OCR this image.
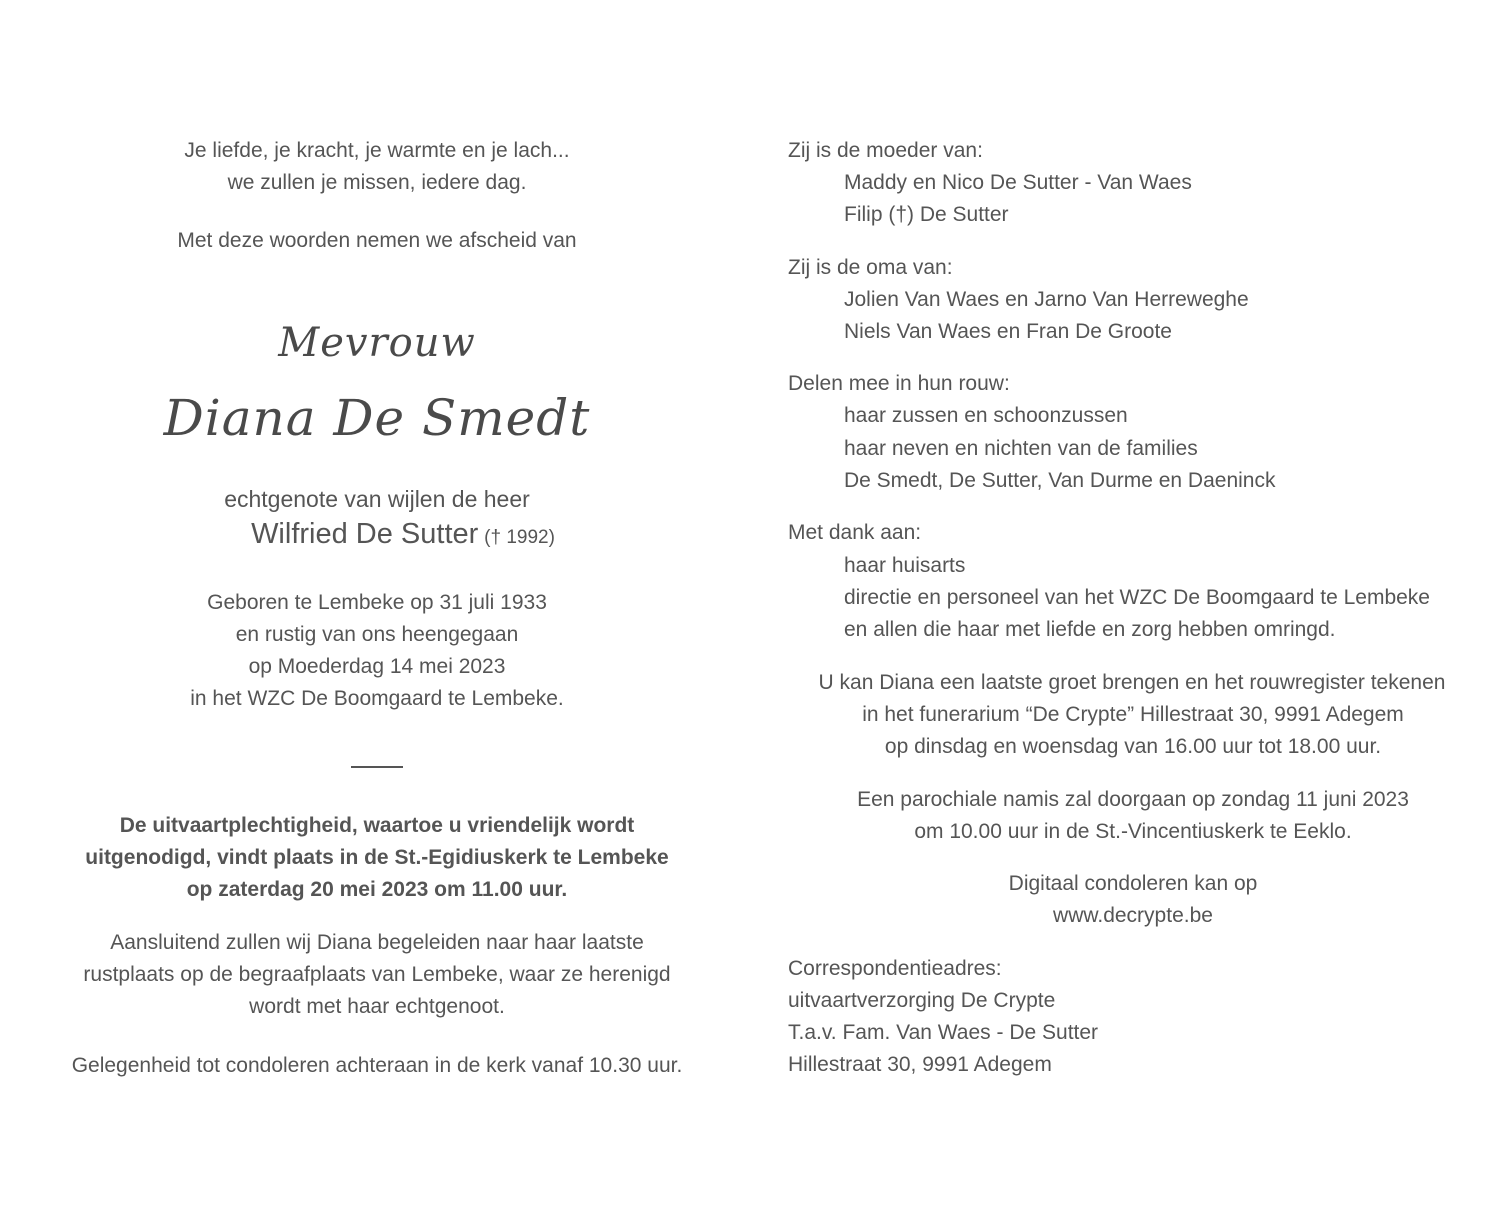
Je liefde, je kracht, je warmte en je lach...
we zullen je missen, iedere dag.
Met deze woorden nemen we afscheid van
Mevrouw
Diana De Smedt
echtgenote van wijlen de heer
Wilfried De Sutter († 1992)
Geboren te Lembeke op 31 juli 1933
en rustig van ons heengegaan
op Moederdag 14 mei 2023
in het WZC De Boomgaard te Lembeke.
De uitvaartplechtigheid, waartoe u vriendelijk wordt
uitgenodigd, vindt plaats in de St.-Egidiuskerk te Lembeke
op zaterdag 20 mei 2023 om 11.00 uur.
Aansluitend zullen wij Diana begeleiden naar haar laatste
rustplaats op de begraafplaats van Lembeke, waar ze herenigd
wordt met haar echtgenoot.
Gelegenheid tot condoleren achteraan in de kerk vanaf 10.30 uur.
Zij is de moeder van:
Maddy en Nico De Sutter - Van Waes
Filip (†) De Sutter
Zij is de oma van:
Jolien Van Waes en Jarno Van Herreweghe
Niels Van Waes en Fran De Groote
Delen mee in hun rouw:
haar zussen en schoonzussen
haar neven en nichten van de families
De Smedt, De Sutter, Van Durme en Daeninck
Met dank aan:
haar huisarts
directie en personeel van het WZC De Boomgaard te Lembeke
en allen die haar met liefde en zorg hebben omringd.
U kan Diana een laatste groet brengen en het rouwregister tekenen
in het funerarium “De Crypte” Hillestraat 30, 9991 Adegem
op dinsdag en woensdag van 16.00 uur tot 18.00 uur.
Een parochiale namis zal doorgaan op zondag 11 juni 2023
om 10.00 uur in de St.-Vincentiuskerk te Eeklo.
Digitaal condoleren kan op
www.decrypte.be
Correspondentieadres:
uitvaartverzorging De Crypte
T.a.v. Fam. Van Waes - De Sutter
Hillestraat 30, 9991 Adegem
